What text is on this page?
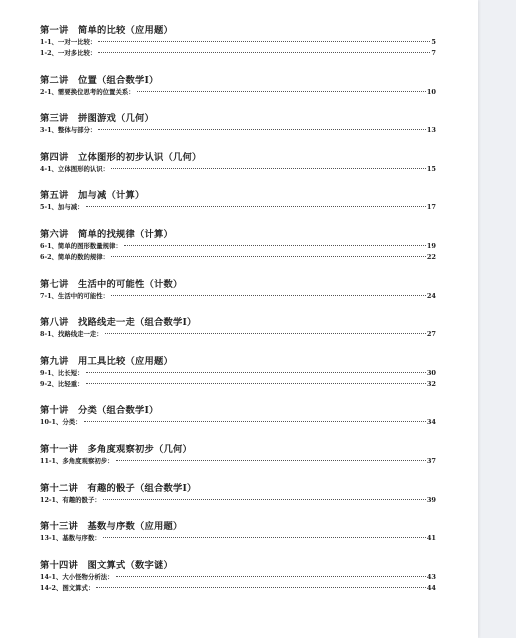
第一讲　简单的比较（应用题）
1-1、一对一比较：	5
1-2、一对多比较：	7
第二讲　位置（组合数学Ⅰ）
2-1、需要换位思考的位置关系：	10
第三讲　拼图游戏（几何）
3-1、整体与部分：	13
第四讲　立体图形的初步认识（几何）
4-1、立体图形的认识：	15
第五讲　加与减（计算）
5-1、加与减：	17
第六讲　简单的找规律（计算）
6-1、简单的图形数量规律：	19
6-2、简单的数的规律：	22
第七讲　生活中的可能性（计数）
7-1、生活中的可能性：	24
第八讲　找路线走一走（组合数学Ⅰ）
8-1、找路线走一走：	27
第九讲　用工具比较（应用题）
9-1、比长短：	30
9-2、比轻重：	32
第十讲　分类（组合数学Ⅰ）
10-1、分类：	34
第十一讲　多角度观察初步（几何）
11-1、多角度观察初步：	37
第十二讲　有趣的骰子（组合数学Ⅰ）
12-1、有趣的骰子：	39
第十三讲　基数与序数（应用题）
13-1、基数与序数：	41
第十四讲　图文算式（数字谜）
14-1、大小怪物分析法：	43
14-2、图文算式：	44
